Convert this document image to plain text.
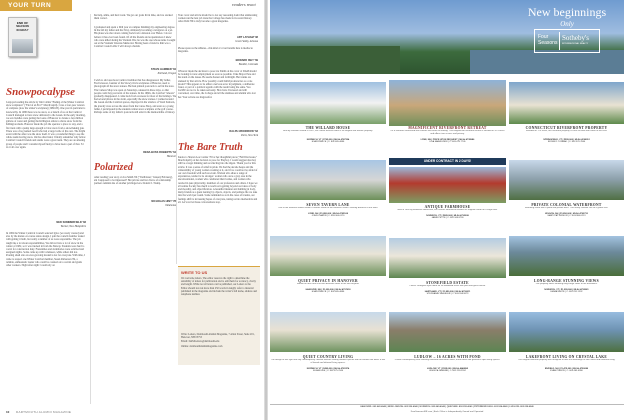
YOUR TURN	readers react
END OF
SEASON
IN ERA?
Snowpocalypse
I enjoyed reading the article by Jim Collins "Ending of the Winter Carnival snow sculptures" ("End of an Era?" March/April). I was a four-year veteran of sculpture (now the winter's sculpture) (1980-83). One year in particular is noteworthy. In 1980 there was no snow, so a bunch of us on the Carnival Council managed to have snow delivered to the Green. In the early morning, we saw bundles were getting the loans of Hanover to donate a few million gallons of water and getting the Killington artists to shave snow from the Killington sheds. Hanover made the job the operator a place to stay, and a flat truck with a pump large enough to blow snow from a snowmaking gun. There was a frog named Geoff who had a large bottle of his own. The bright event with the other was the snow itself. It was a wonderful thing to see the whole team moving snow. On the other hand, I finally remember why fellow Carnival Council friends and stands were a great team. They are an amazing group of people and I consider myself lucky to have been a part of that. I'd do it all over again.
NED SOMMERFIELD '83
Warner, New Hampshire
In 1982 the Winter Carnival Council selected Igloo (we rarely created) and also by the matter-of-course status design. I quit the council member tasked with getting it built, but really a number of us were responsible. The job taught me a lot about responsibilities. We did not have a lot of snow in the winter of 1982, so it was trucked in from the Skiway. Students were hard to corral for construction duty. Fraternities and dormitories were solicited and assigned nights. Some came up with volunteers, while others did not. Pouring slush onto an ever-growing mound is not for everyone. With time, I came to respect one Winter Carnival member, Susan Rickerson '84, a reliable, enthusiastic leader who could be counted on to recruit and guide other workers. Night after night I could rely on
his help, smile, and hard work. We got our goals hit in time, and we stacked them correct.
I graduated and spent a fifth year on campus finishing my engineering degree. In the fall my father and the Navy, ultimately becoming a navigator on a jet. His plane was shot down coming back from a mission over Hanoi. I do not believe it has ever been found. Of all the friends and acquaintances I knew who were killed during the Vietnam War, he was the one whose name I sought out at the Vietnam Veterans Memorial. Having been a friend to him was a Carnival Council ethic I will always cherish.
STEVE HAMMER '84
Portland, Oregon
I wish to add one more Carnival tradition that has disappeared. My father, Fred Gleason, founder of the Snowy Owls sculptures at Hanover, used to photograph all the snow statues. He then printed postcards to sell in the store. The Camera Shop was open on Saturdays, unusual in those days, so that people could buy postcards of the statues. In the 1960s, the Carnival "smears" gradually disappeared. I came back from overseas for most of the holidays. We had several photos in the dorm, especially the snow statues. I walked around the Green and the Carnival spaces, displayed in the window of Ward Sanborn, the jewelry store across the street from the Canoe Shop, and even as a young father, I participated in the students winter snow sculpture at the golf course. Perhaps some of my father's postcards still exist in the memorabilia of history.
DENA BUSS ROBERTS '64
Hanover
Polarized
After reading your story on Lia Smith '06 ("Trailblazer," January/February), am I supposed to be impressed? Her private and her choice of relationship partners reminds me of another privileged era. Donald J. Trump.
NICHOLAS HINY '78
Oklahoma
Your cover and article should be to not say reasoning doubt that adulterating women run the best job done the College has made in its recent history. Alice Dahl '86 is truly become a great magazine.
ART LATHAM '08
Green Valley, Arizona
Please spare us the athletes—this kind of cover heralds here is mediocre magazine.
EDWARD ISEY '69
Boulder, Colorado
Whoever made the decision to pose Lia Smith on the cover of DAM should be looking for new employment as soon as possible. I like Mayor Pete and his stand on the issues. He seems honest and forthright. Her trunks are stunned by that article. How possibly could DAM promote her as a role model? This appears to be either a nervous error in judgment, a deliberate fraud, or part of a political agenda with the result being the same. You Lk/MU are not to be taken seriously. How have I honored and still concerned, over time, the College and all the alumnae and alumni who lost her. Your actions are disgraceful.
RALPH WOODROW '63
Paris, New York
The Bare Truth
Kudos to Sharon Lee Connie '76 for her thoughtful piece ("Full Disclosure," March/April) on her decision to pose for Playboy. I would suggest she may still be a target thinking and recollecting into the digest. Thank you for this article. It was a sense of relief in pride. We had the decade heaps and the vulnerability of young women working at it, and if we could not be afraid of our own freedom with such an event. Women who share a range of experiences, tended to be stronger: women who once a gray area in the unconventional, women who celebrated their bodies, and women who reveled in pure physicality, members of our profession and others. I hope we all realize Society has much to teach us in getting beyond our ideas of body and morality, and objectification. A beautiful manner and building in body, many friends as a guest nursing by objects, objects, and perhaps life we take into the world per round. Some reminded us as in the cases of trauma, our feelings shift to increasing hopes of everyone, taking us into memorable and all. Let's not let these conversations stop.
WRITE TO US
We welcome letters. The editor reserves the right to determine the suitability of letters for publication and to edit them for accuracy, clarity and length. While not all letters can be published, our Letters to the Editor should not run more than 250 words in length; refer to material published in the magazine and include the writer's full name, address and telephone number.
Write: Letters, Dartmouth Alumni Magazine, 7 Allen Street, Suite 201, Hanover, NH 03755
Email: DAMLetters@dartmouth.edu
Online: dartmouthalumnimagazine.com
10 DARTMOUTH ALUMNI MAGAZINE
New beginnings
Only
Four
Seasons
Sotheby's
INTERNATIONAL REALTY
THE WILLARD HOUSE
Built by Zebulon Willard in 1847, this Greek Revival home is an elegant and historic property.
NORWICH, VT | $795,000 | MLS# 4787354
EVAN PIERCE | C: 802.465.4686
MAGNIFICENT RIVERFRONT RETREAT
On a riverfront connected with canoes and views of floating. This magnificent riverfront retreat is nestled on 10.5 acres and offers river access and privacy.
LYME, NH | PRICE UPON REQUEST | MLS# 4738986
LISA SARAYVIEW | C: 603.475.7705
CONNECTICUT RIVERFRONT PROPERTY
Situated on 175 acres, this riverfront property is close to town with views of the river.
SPRINGFIELD, VT | $595,000 | MLS# 4740012
RODNEY CONRAD | C: 802.376.7844
UNDER CONTRACT IN 2 DAYS!
SEVEN TAVERN LANE
One of the foremost homes within a historic estate of the Hanover Green. Walking distance to the town.
LYME, NH | $1,895,000 | MLS# 4705168
JOHN CHAPIN | C: 603.306.0170
ANTIQUE FARMHOUSE
Built in 1830 by Ebenezer Blanchard, this historic farmhouse features its original charm on a large land.
NORWICH, VT | $985,000 | MLS# 4793008
JAIME PETTE | C: 802.345.8790
PRIVATE COLONIAL WATERFRONT
Featuring shore with a pond and private dock. This lovely colonial sits on a gentle rise.
WILSON, NH | $1,850,000 | MLS# 4792732
MARY PATTERSON | C: 603.986.0213
QUIET PRIVACY IN HANOVER
Stands on one rural acre with beautiful views to the hills beyond.
HANOVER, NH | $1,099,000 | MLS# 4797918
EVAN PIERCE | C: 802.465.4686
STONEFIELD ESTATE
Classic Georgian style home on 36 woodland acres with pool and guest house.
HARTLAND, VT | $1,850,000 | MLS# 4793011
STEPHANIE WHEELER | C: 603.558.9073
LONG-RANGE STUNNING VIEWS
This property offers amazing long-range views of the mountains.
NORWICH, VT | $1,295,000 | MLS# 4795081
EMMA WHITE | C: 802.291.1232
QUIET COUNTRY LIVING
The design of this light and airy contemporary colonial weaves inviting outdoor spaces with an interior that offers a mix of formal and informal living spaces.
NORWICH, VT | $499,000 | MLS# 4787474
SUSAN LEE | C: 802.375.7644
LUDLOW – 16 ACRES WITH POND
Private contemporary with stunning mountain and water views, three baths and generous open living spaces.
LUDLOW, VT | $325,000 | MLS# 4648892
JESSICA GREENE | C: 802.228.2552
LAKEFRONT LIVING ON CRYSTAL LAKE
This elegant lakefront property was designed to take full advantage of lake views and lakefront living.
ENFIELD, NH | $1,475,000 | MLS# 4790080
EVAN PIERCE | C: 603.465.4990
HANOVER: 603.643.4040 | NEW LONDON: 603.526.4040 | NORWICH: 802.649.4040 | QUECHEE: 802.295.4040 | PETERBOROUGH: 603.924.4040 | LUDLOW: 802.228.4040
FourSeasonsSIR.com | Each Office is Independently Owned and Operated
